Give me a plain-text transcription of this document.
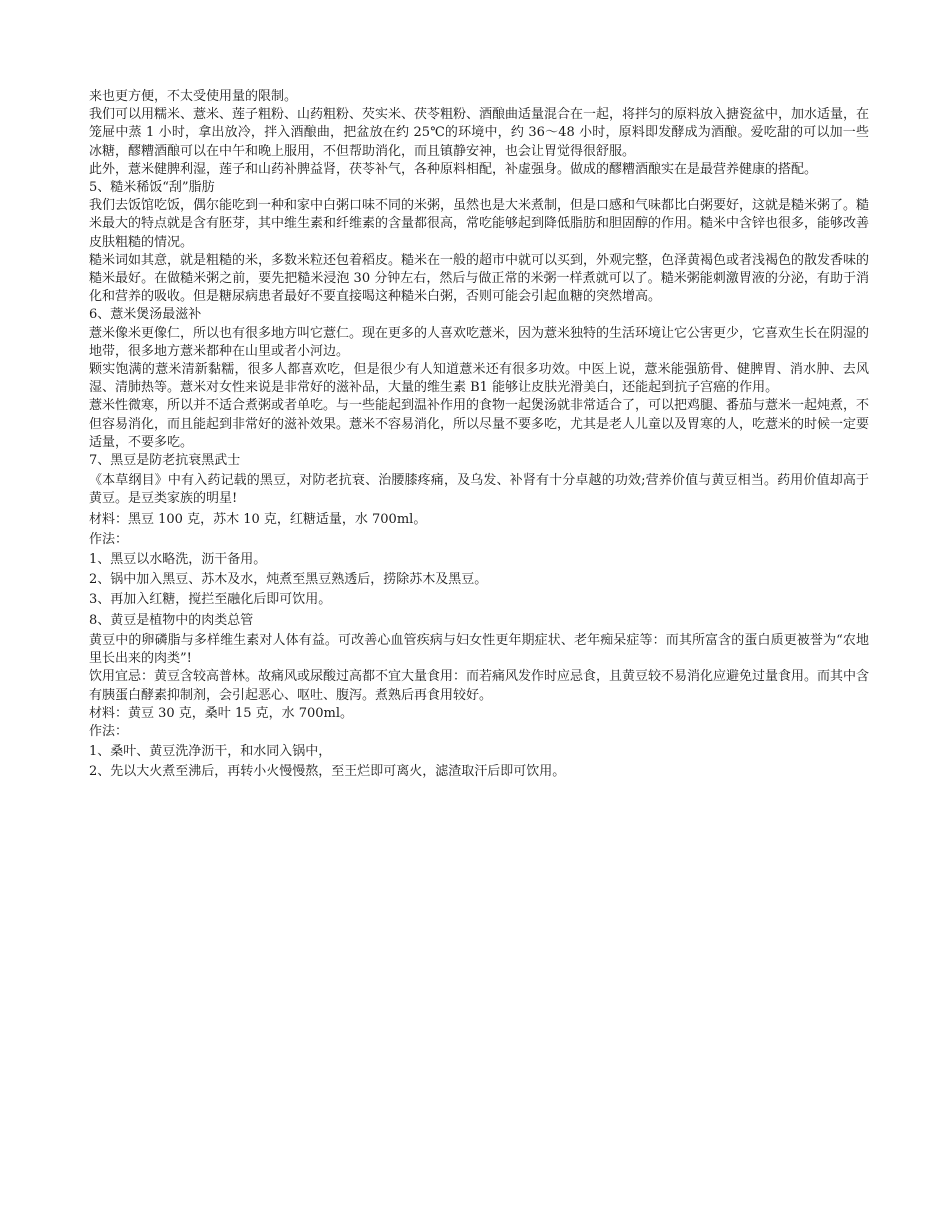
来也更方便，不太受使用量的限制。

我们可以用糯米、薏米、莲子粗粉、山药粗粉、芡实米、茯苓粗粉、酒酿曲适量混合在一起，将拌匀的原料放入搪瓷盆中，加水适量，在笼屉中蒸 1 小时，拿出放冷，拌入酒酿曲，把盆放在约 25℃的环境中，约 36～48 小时，原料即发酵成为酒酿。爱吃甜的可以加一些冰糖，醪糟酒酿可以在中午和晚上服用，不但帮助消化，而且镇静安神，也会让胃觉得很舒服。

此外，薏米健脾利湿，莲子和山药补脾益肾，茯苓补气，各种原料相配，补虚强身。做成的醪糟酒酿实在是最营养健康的搭配。

5、糙米稀饭“刮”脂肪

我们去饭馆吃饭，偶尔能吃到一种和家中白粥口味不同的米粥，虽然也是大米煮制，但是口感和气味都比白粥要好，这就是糙米粥了。糙米最大的特点就是含有胚芽，其中维生素和纤维素的含量都很高，常吃能够起到降低脂肪和胆固醇的作用。糙米中含锌也很多，能够改善皮肤粗糙的情况。

糙米词如其意，就是粗糙的米，多数米粒还包着稻皮。糙米在一般的超市中就可以买到，外观完整，色泽黄褐色或者浅褐色的散发香味的糙米最好。在做糙米粥之前，要先把糙米浸泡 30 分钟左右，然后与做正常的米粥一样煮就可以了。糙米粥能刺激胃液的分泌，有助于消化和营养的吸收。但是糖尿病患者最好不要直接喝这种糙米白粥，否则可能会引起血糖的突然增高。

6、薏米煲汤最滋补

薏米像米更像仁，所以也有很多地方叫它薏仁。现在更多的人喜欢吃薏米，因为薏米独特的生活环境让它公害更少，它喜欢生长在阴湿的地带，很多地方薏米都种在山里或者小河边。

颗实饱满的薏米清新黏糯，很多人都喜欢吃，但是很少有人知道薏米还有很多功效。中医上说，薏米能强筋骨、健脾胃、消水肿、去风湿、清肺热等。薏米对女性来说是非常好的滋补品，大量的维生素 B1 能够让皮肤光滑美白，还能起到抗子宫癌的作用。

薏米性微寒，所以并不适合煮粥或者单吃。与一些能起到温补作用的食物一起煲汤就非常适合了，可以把鸡腿、番茄与薏米一起炖煮，不但容易消化，而且能起到非常好的滋补效果。薏米不容易消化，所以尽量不要多吃，尤其是老人儿童以及胃寒的人，吃薏米的时候一定要适量，不要多吃。

7、黑豆是防老抗衰黑武士

《本草纲目》中有入药记载的黑豆，对防老抗衰、治腰膝疼痛，及乌发、补肾有十分卓越的功效;营养价值与黄豆相当。药用价值却高于黄豆。是豆类家族的明星!

材料：黑豆 100 克，苏木 10 克，红糖适量，水 700ml。

作法：

1、黑豆以水略洗，沥干备用。

2、锅中加入黑豆、苏木及水，炖煮至黑豆熟透后，捞除苏木及黑豆。

3、再加入红糖，搅拦至融化后即可饮用。

8、黄豆是植物中的肉类总管

黄豆中的卵磷脂与多样维生素对人体有益。可改善心血管疾病与妇女性更年期症状、老年痴呆症等：而其所富含的蛋白质更被誉为“农地里长出来的肉类”!

饮用宜忌：黄豆含较高普林。故痛风或尿酸过高都不宜大量食用：而若痛风发作时应忌食，且黄豆较不易消化应避免过量食用。而其中含有胰蛋白酵素抑制剂，会引起恶心、呕吐、腹泻。煮熟后再食用较好。

材料：黄豆 30 克，桑叶 15 克，水 700ml。

作法：

1、桑叶、黄豆洗净沥干，和水同入锅中，

2、先以大火煮至沸后，再转小火慢慢熬，至王烂即可离火，滤渣取汗后即可饮用。
